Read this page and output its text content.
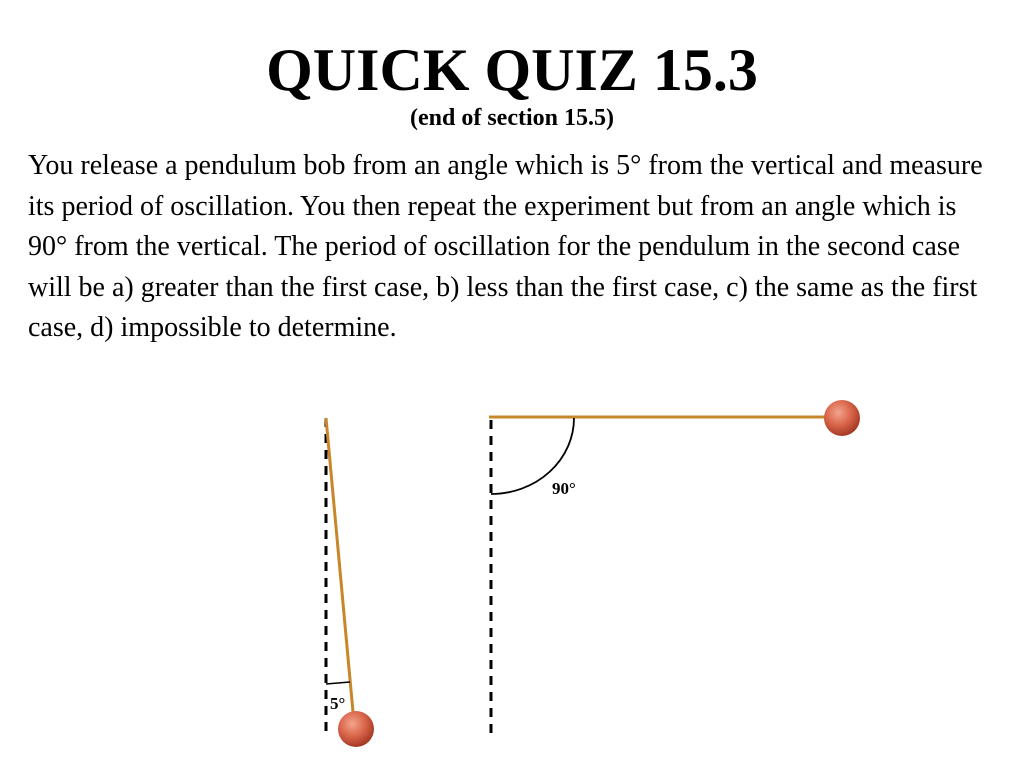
QUICK QUIZ 15.3
(end of section 15.5)

You release a pendulum bob from an angle which is 5° from the vertical and measure its period of oscillation. You then repeat the experiment but from an angle which is 90° from the vertical. The period of oscillation for the pendulum in the second case will be a) greater than the first case, b) less than the first case, c) the same as the first case, d) impossible to determine.

5°
90°
